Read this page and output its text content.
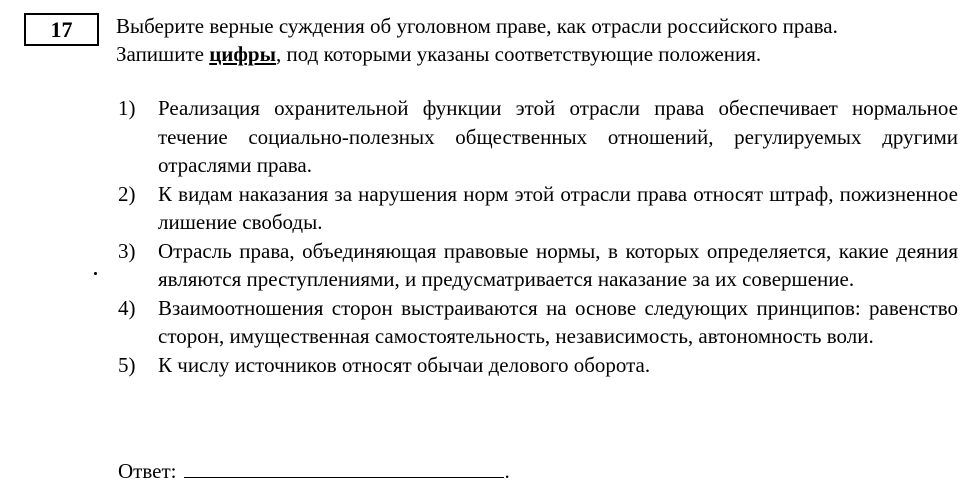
17	Выберите верные суждения об уголовном праве, как отрасли российского права.
Запишите цифры, под которыми указаны соответствующие положения.
1)	Реализация охранительной функции этой отрасли права обеспечивает нормальное течение социально-полезных общественных отношений, регулируемых другими отраслями права.
2)	К видам наказания за нарушения норм этой отрасли права относят штраф, пожизненное лишение свободы.
3)	Отрасль права, объединяющая правовые нормы, в которых определяется, какие деяния являются преступлениями, и предусматривается наказание за их совершение.
4)	Взаимоотношения сторон выстраиваются на основе следующих принципов: равенство сторон, имущественная самостоятельность, независимость, автономность воли.
5)	К числу источников относят обычаи делового оборота.
Ответ:	.
